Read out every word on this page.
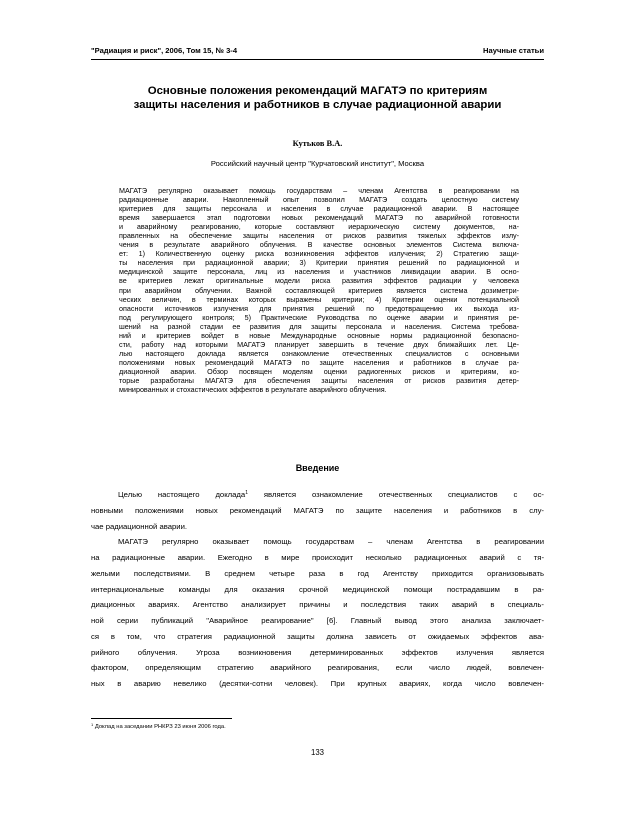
"Радиация и риск", 2006, Том 15, № 3-4	Научные статьи
Основные положения рекомендаций МАГАТЭ по критериям
защиты населения и работников в случае радиационной аварии
Кутьков В.А.
Российский научный центр "Курчатовский институт", Москва
МАГАТЭ регулярно оказывает помощь государствам – членам Агентства в реагировании на
радиационные аварии. Накопленный опыт позволил МАГАТЭ создать целостную систему
критериев для защиты персонала и населения в случае радиационной аварии. В настоящее
время завершается этап подготовки новых рекомендаций МАГАТЭ по аварийной готовности
и аварийному реагированию, которые составляют иерархическую систему документов, на-
правленных на обеспечение защиты населения от рисков развития тяжелых эффектов излу-
чения в результате аварийного облучения. В качестве основных элементов Система включа-
ет: 1) Количественную оценку риска возникновения эффектов излучения; 2) Стратегию защи-
ты населения при радиационной аварии; 3) Критерии принятия решений по радиационной и
медицинской защите персонала, лиц из населения и участников ликвидации аварии. В осно-
ве критериев лежат оригинальные модели риска развития эффектов радиации у человека
при аварийном облучении. Важной составляющей критериев является система дозиметри-
ческих величин, в терминах которых выражены критерии; 4) Критерии оценки потенциальной
опасности источников излучения для принятия решений по предотвращению их выхода из-
под регулирующего контроля; 5) Практические Руководства по оценке аварии и принятия ре-
шений на разной стадии ее развития для защиты персонала и населения. Система требова-
ний и критериев войдет в новые Международные основные нормы радиационной безопасно-
сти, работу над которыми МАГАТЭ планирует завершить в течение двух ближайших лет. Це-
лью настоящего доклада является ознакомление отечественных специалистов с основными
положениями новых рекомендаций МАГАТЭ по защите населения и работников в случае ра-
диационной аварии. Обзор посвящен моделям оценки радиогенных рисков и критериям, ко-
торые разработаны МАГАТЭ для обеспечения защиты населения от рисков развития детер-
минированных и стохастических эффектов в результате аварийного облучения.
Введение

Целью настоящего доклада$^1$ является ознакомление отечественных специалистов с ос-

новными положениями новых рекомендаций МАГАТЭ по защите населения и работников в слу-
чае радиационной аварии.
МАГАТЭ регулярно оказывает помощь государствам – членам Агентства в реагировании
на радиационные аварии. Ежегодно в мире происходит несколько радиационных аварий с тя-
желыми последствиями. В среднем четыре раза в год Агентству приходится организовывать
интернациональные команды для оказания срочной медицинской помощи пострадавшим в ра-
диационных авариях. Агентство анализирует причины и последствия таких аварий в специаль-
ной серии публикаций "Аварийное реагирование" [6]. Главный вывод этого анализа заключает-
ся в том, что стратегия радиационной защиты должна зависеть от ожидаемых эффектов ава-
рийного облучения. Угроза возникновения детерминированных эффектов излучения является
фактором, определяющим стратегию аварийного реагирования, если число людей, вовлечен-
ных в аварию невелико (десятки-сотни человек). При крупных авариях, когда число вовлечен-
$^1$ Доклад на заседании РНКРЗ 23 июня 2006 года.
133
